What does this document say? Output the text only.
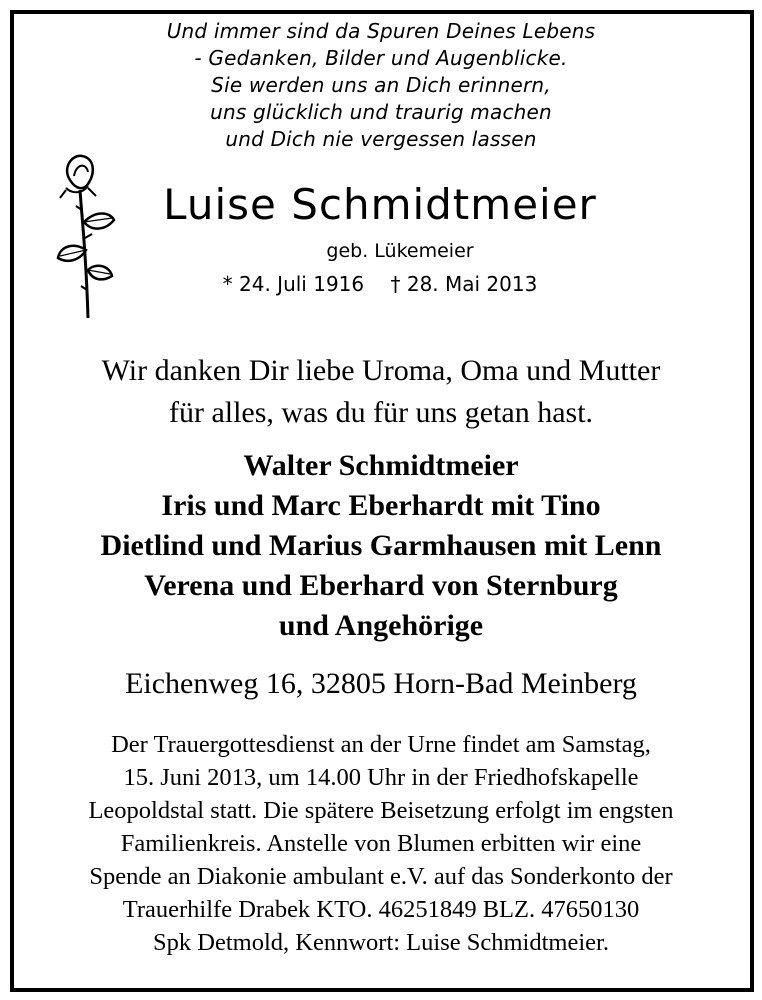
Und immer sind da Spuren Deines Lebens
- Gedanken, Bilder und Augenblicke.
Sie werden uns an Dich erinnern,
uns glücklich und traurig machen
und Dich nie vergessen lassen
Luise Schmidtmeier
geb. Lükemeier
* 24. Juli 1916 † 28. Mai 2013
Wir danken Dir liebe Uroma, Oma und Mutter
für alles, was du für uns getan hast.
Walter Schmidtmeier
Iris und Marc Eberhardt mit Tino
Dietlind und Marius Garmhausen mit Lenn
Verena und Eberhard von Sternburg
und Angehörige
Eichenweg 16, 32805 Horn-Bad Meinberg
Der Trauergottesdienst an der Urne findet am Samstag,
15. Juni 2013, um 14.00 Uhr in der Friedhofskapelle
Leopoldstal statt. Die spätere Beisetzung erfolgt im engsten
Familienkreis. Anstelle von Blumen erbitten wir eine
Spende an Diakonie ambulant e.V. auf das Sonderkonto der
Trauerhilfe Drabek KTO. 46251849 BLZ. 47650130
Spk Detmold, Kennwort: Luise Schmidtmeier.
